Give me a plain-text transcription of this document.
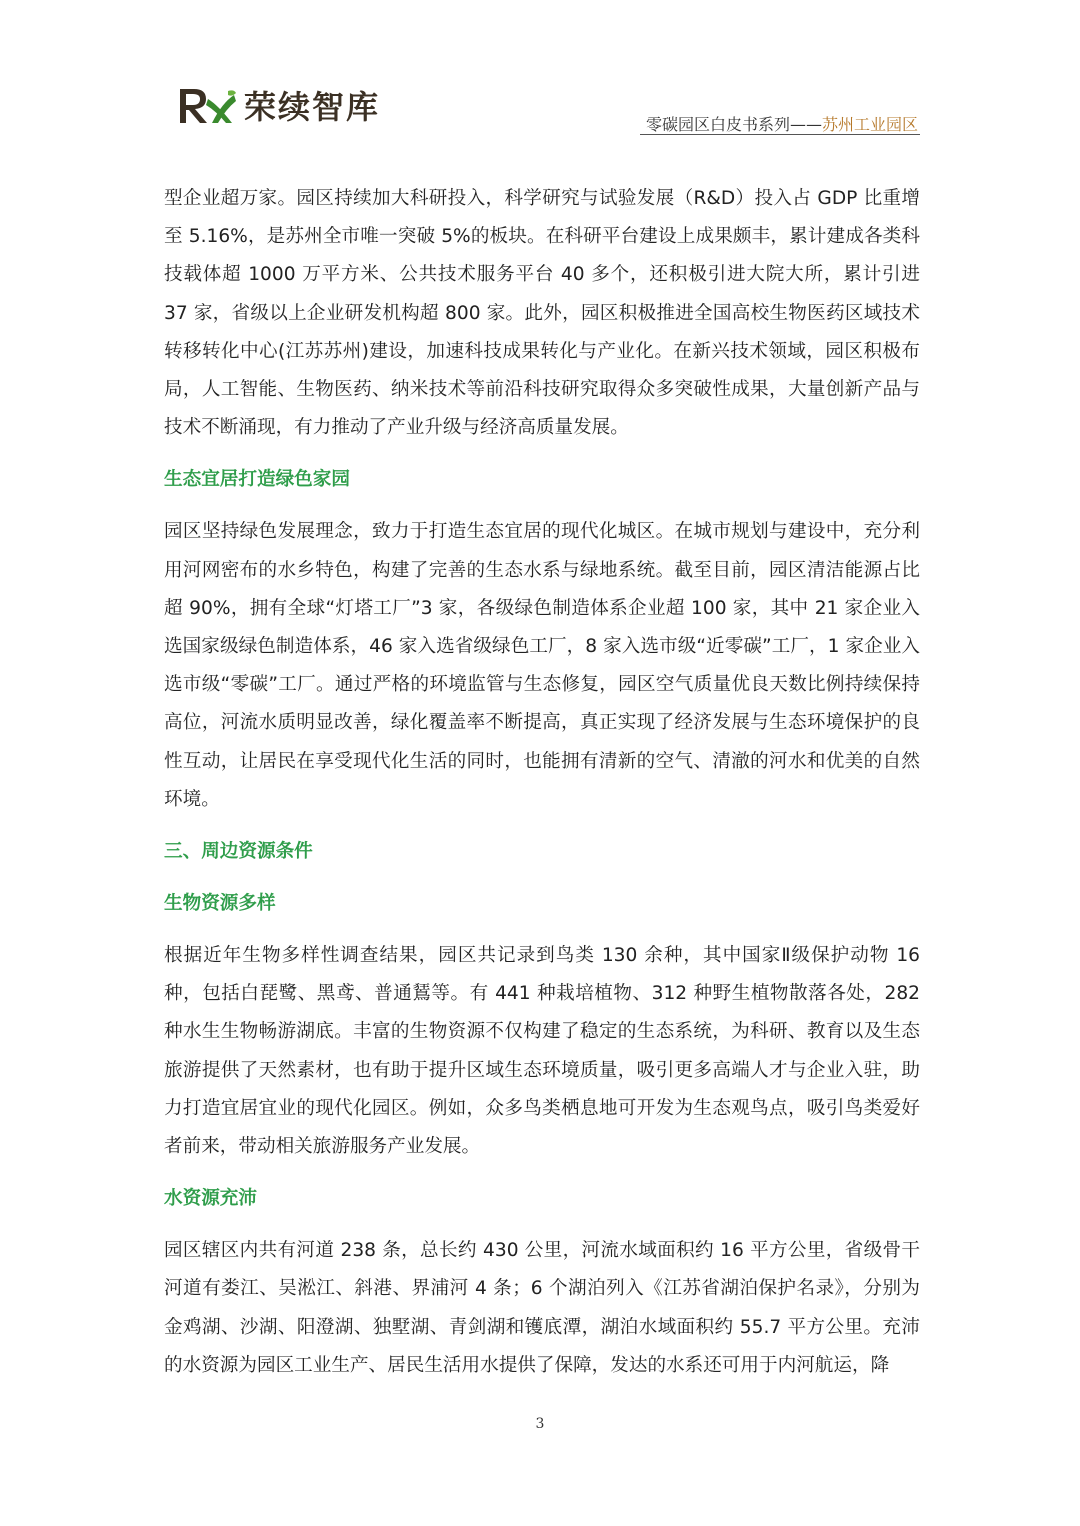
荣续智库	零碳园区白皮书系列——苏州工业园区

型企业超万家。园区持续加大科研投入，科学研究与试验发展（R&D）投入占 GDP 比重增至 5.16%，是苏州全市唯一突破 5%的板块。在科研平台建设上成果颇丰，累计建成各类科技载体超 1000 万平方米、公共技术服务平台 40 多个，还积极引进大院大所，累计引进 37 家，省级以上企业研发机构超 800 家。此外，园区积极推进全国高校生物医药区域技术转移转化中心(江苏苏州)建设，加速科技成果转化与产业化。在新兴技术领域，园区积极布局，人工智能、生物医药、纳米技术等前沿科技研究取得众多突破性成果，大量创新产品与技术不断涌现，有力推动了产业升级与经济高质量发展。

生态宜居打造绿色家园

园区坚持绿色发展理念，致力于打造生态宜居的现代化城区。在城市规划与建设中，充分利用河网密布的水乡特色，构建了完善的生态水系与绿地系统。截至目前，园区清洁能源占比超 90%，拥有全球“灯塔工厂”3 家，各级绿色制造体系企业超 100 家，其中 21 家企业入选国家级绿色制造体系，46 家入选省级绿色工厂，8 家入选市级“近零碳”工厂，1 家企业入选市级“零碳”工厂。通过严格的环境监管与生态修复，园区空气质量优良天数比例持续保持高位，河流水质明显改善，绿化覆盖率不断提高，真正实现了经济发展与生态环境保护的良性互动，让居民在享受现代化生活的同时，也能拥有清新的空气、清澈的河水和优美的自然环境。

三、周边资源条件
生物资源多样

根据近年生物多样性调查结果，园区共记录到鸟类 130 余种，其中国家Ⅱ级保护动物 16 种，包括白琵鹭、黑鸢、普通鵟等。有 441 种栽培植物、312 种野生植物散落各处，282 种水生生物畅游湖底。丰富的生物资源不仅构建了稳定的生态系统，为科研、教育以及生态旅游提供了天然素材，也有助于提升区域生态环境质量，吸引更多高端人才与企业入驻，助力打造宜居宜业的现代化园区。例如，众多鸟类栖息地可开发为生态观鸟点，吸引鸟类爱好者前来，带动相关旅游服务产业发展。

水资源充沛

园区辖区内共有河道 238 条，总长约 430 公里，河流水域面积约 16 平方公里，省级骨干河道有娄江、吴淞江、斜港、界浦河 4 条；6 个湖泊列入《江苏省湖泊保护名录》，分别为金鸡湖、沙湖、阳澄湖、独墅湖、青剑湖和镬底潭，湖泊水域面积约 55.7 平方公里。充沛的水资源为园区工业生产、居民生活用水提供了保障，发达的水系还可用于内河航运，降

3
